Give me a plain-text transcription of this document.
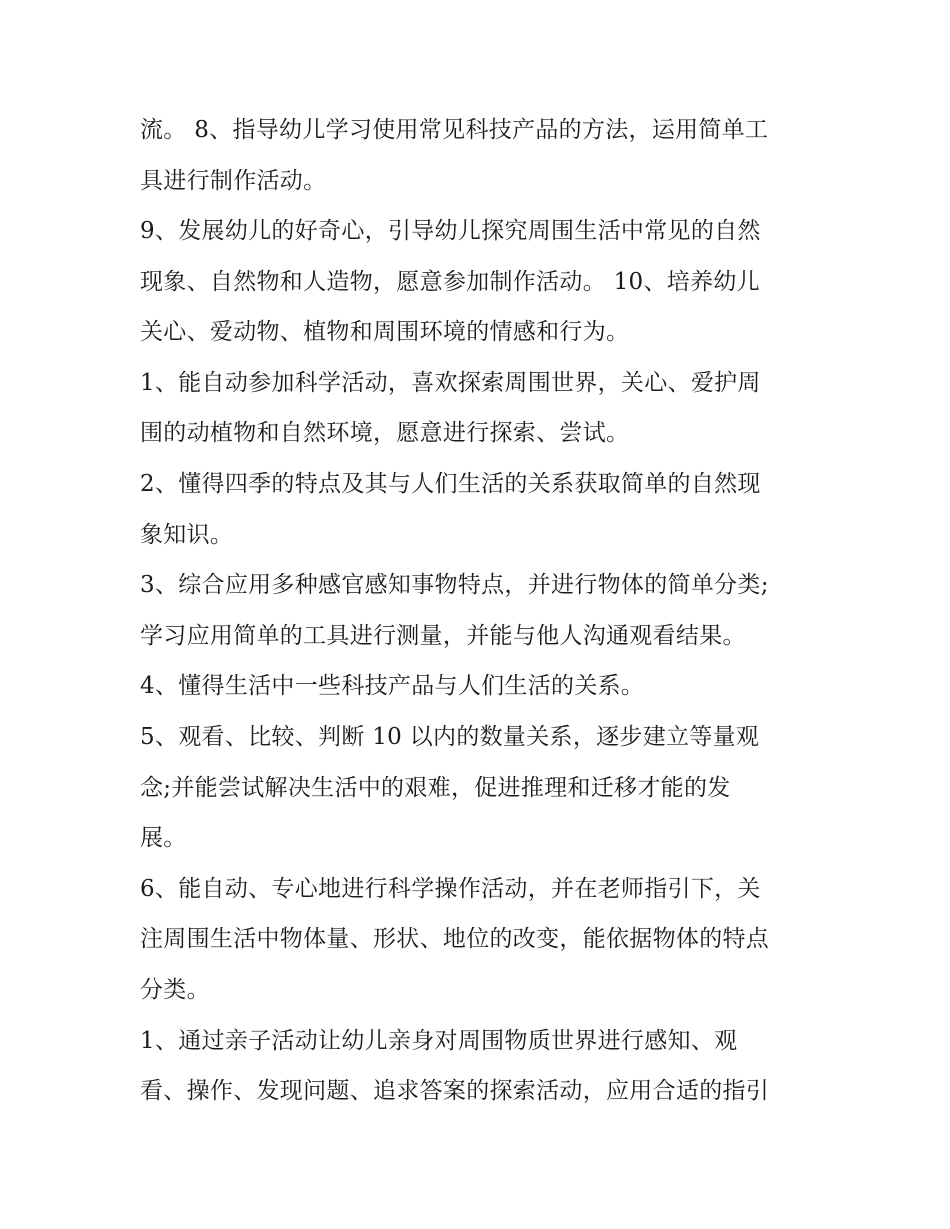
流。 8、指导幼儿学习使用常见科技产品的方法，运用简单工
具进行制作活动。
9、发展幼儿的好奇心，引导幼儿探究周围生活中常见的自然
现象、自然物和人造物，愿意参加制作活动。 10、培养幼儿
关心、爱动物、植物和周围环境的情感和行为。
1、能自动参加科学活动，喜欢探索周围世界，关心、爱护周
围的动植物和自然环境，愿意进行探索、尝试。
2、懂得四季的特点及其与人们生活的关系获取简单的自然现
象知识。
3、综合应用多种感官感知事物特点，并进行物体的简单分类;
学习应用简单的工具进行测量，并能与他人沟通观看结果。
4、懂得生活中一些科技产品与人们生活的关系。
5、观看、比较、判断 10 以内的数量关系，逐步建立等量观
念;并能尝试解决生活中的艰难，促进推理和迁移才能的发
展。
6、能自动、专心地进行科学操作活动，并在老师指引下，关
注周围生活中物体量、形状、地位的改变，能依据物体的特点
分类。
1、通过亲子活动让幼儿亲身对周围物质世界进行感知、观
看、操作、发现问题、追求答案的探索活动，应用合适的指引
